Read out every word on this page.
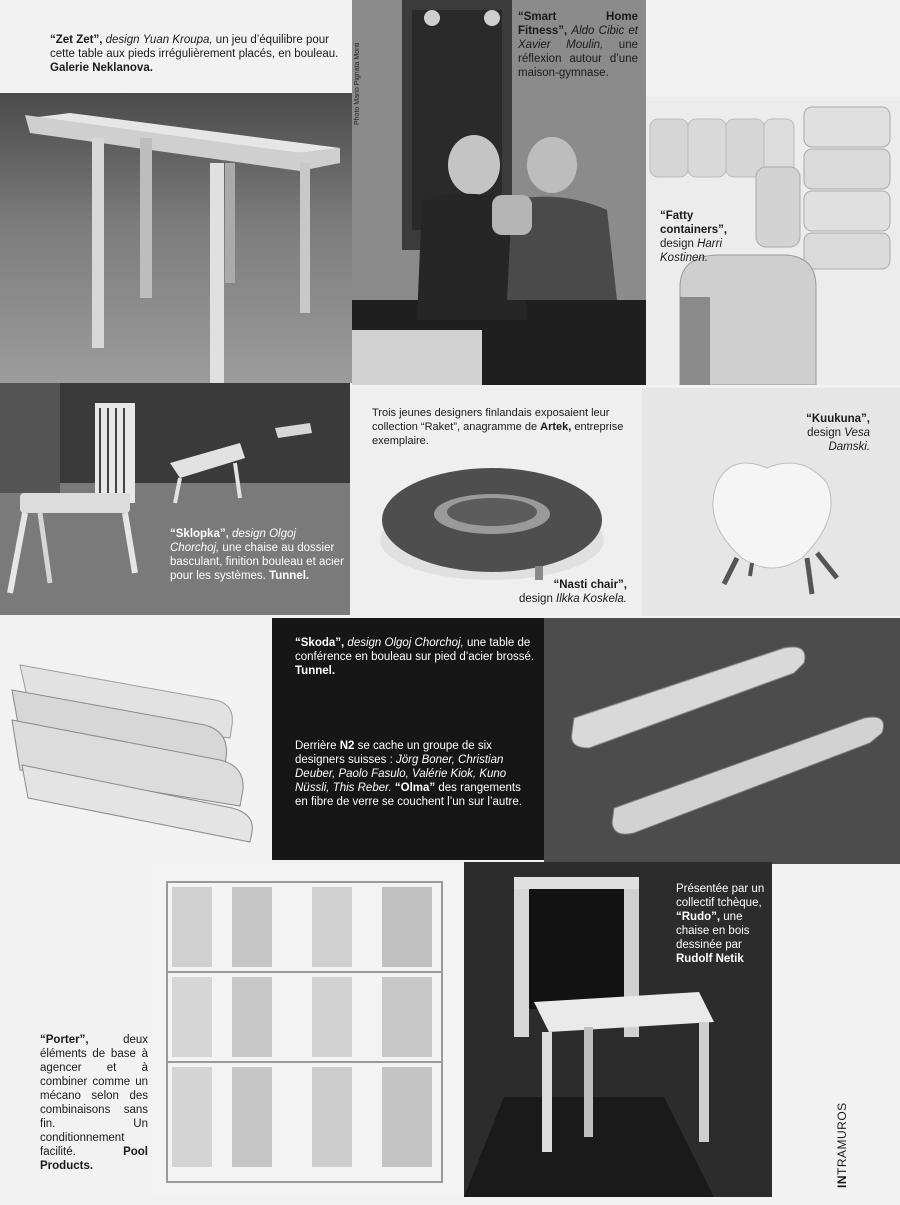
“Zet Zet”, design Yuan Kroupa, un jeu d’équilibre pour cette table aux pieds irrégulièrement placés, en bouleau. Galerie Neklanova.	Photo Mario Pignata Monti
“Smart Home Fitness”, Aldo Cibic et Xavier Moulin, une réflexion autour d’une maison-gymnase.
“Fatty containers”, design Harri Kostinen.
“Sklopka”, design Olgoj Chorchoj, une chaise au dossier basculant, finition bouleau et acier pour les systèmes. Tunnel.
Trois jeunes designers finlandais exposaient leur collection “Raket”, anagramme de Artek, entreprise exemplaire.
“Nasti chair”,
design Ilkka Koskela.
“Kuukuna”,
design Vesa Damski.
“Skoda”, design Olgoj Chorchoj, une table de conférence en bouleau sur pied d’acier brossé. Tunnel.
Derrière N2 se cache un groupe de six designers suisses : Jörg Boner, Christian Deuber, Paolo Fasulo, Valérie Kiok, Kuno Nüssli, This Reber. “Olma” des rangements en fibre de verre se couchent l’un sur l’autre.
“Porter”,	deux éléments de base à agencer et à combiner comme un mécano selon des combinaisons sans fin. Un conditionnement facilité.	Pool Products.
Présentée par un collectif tchèque, “Rudo”, une chaise en bois dessinée par Rudolf Netik
INTRAMUROS
